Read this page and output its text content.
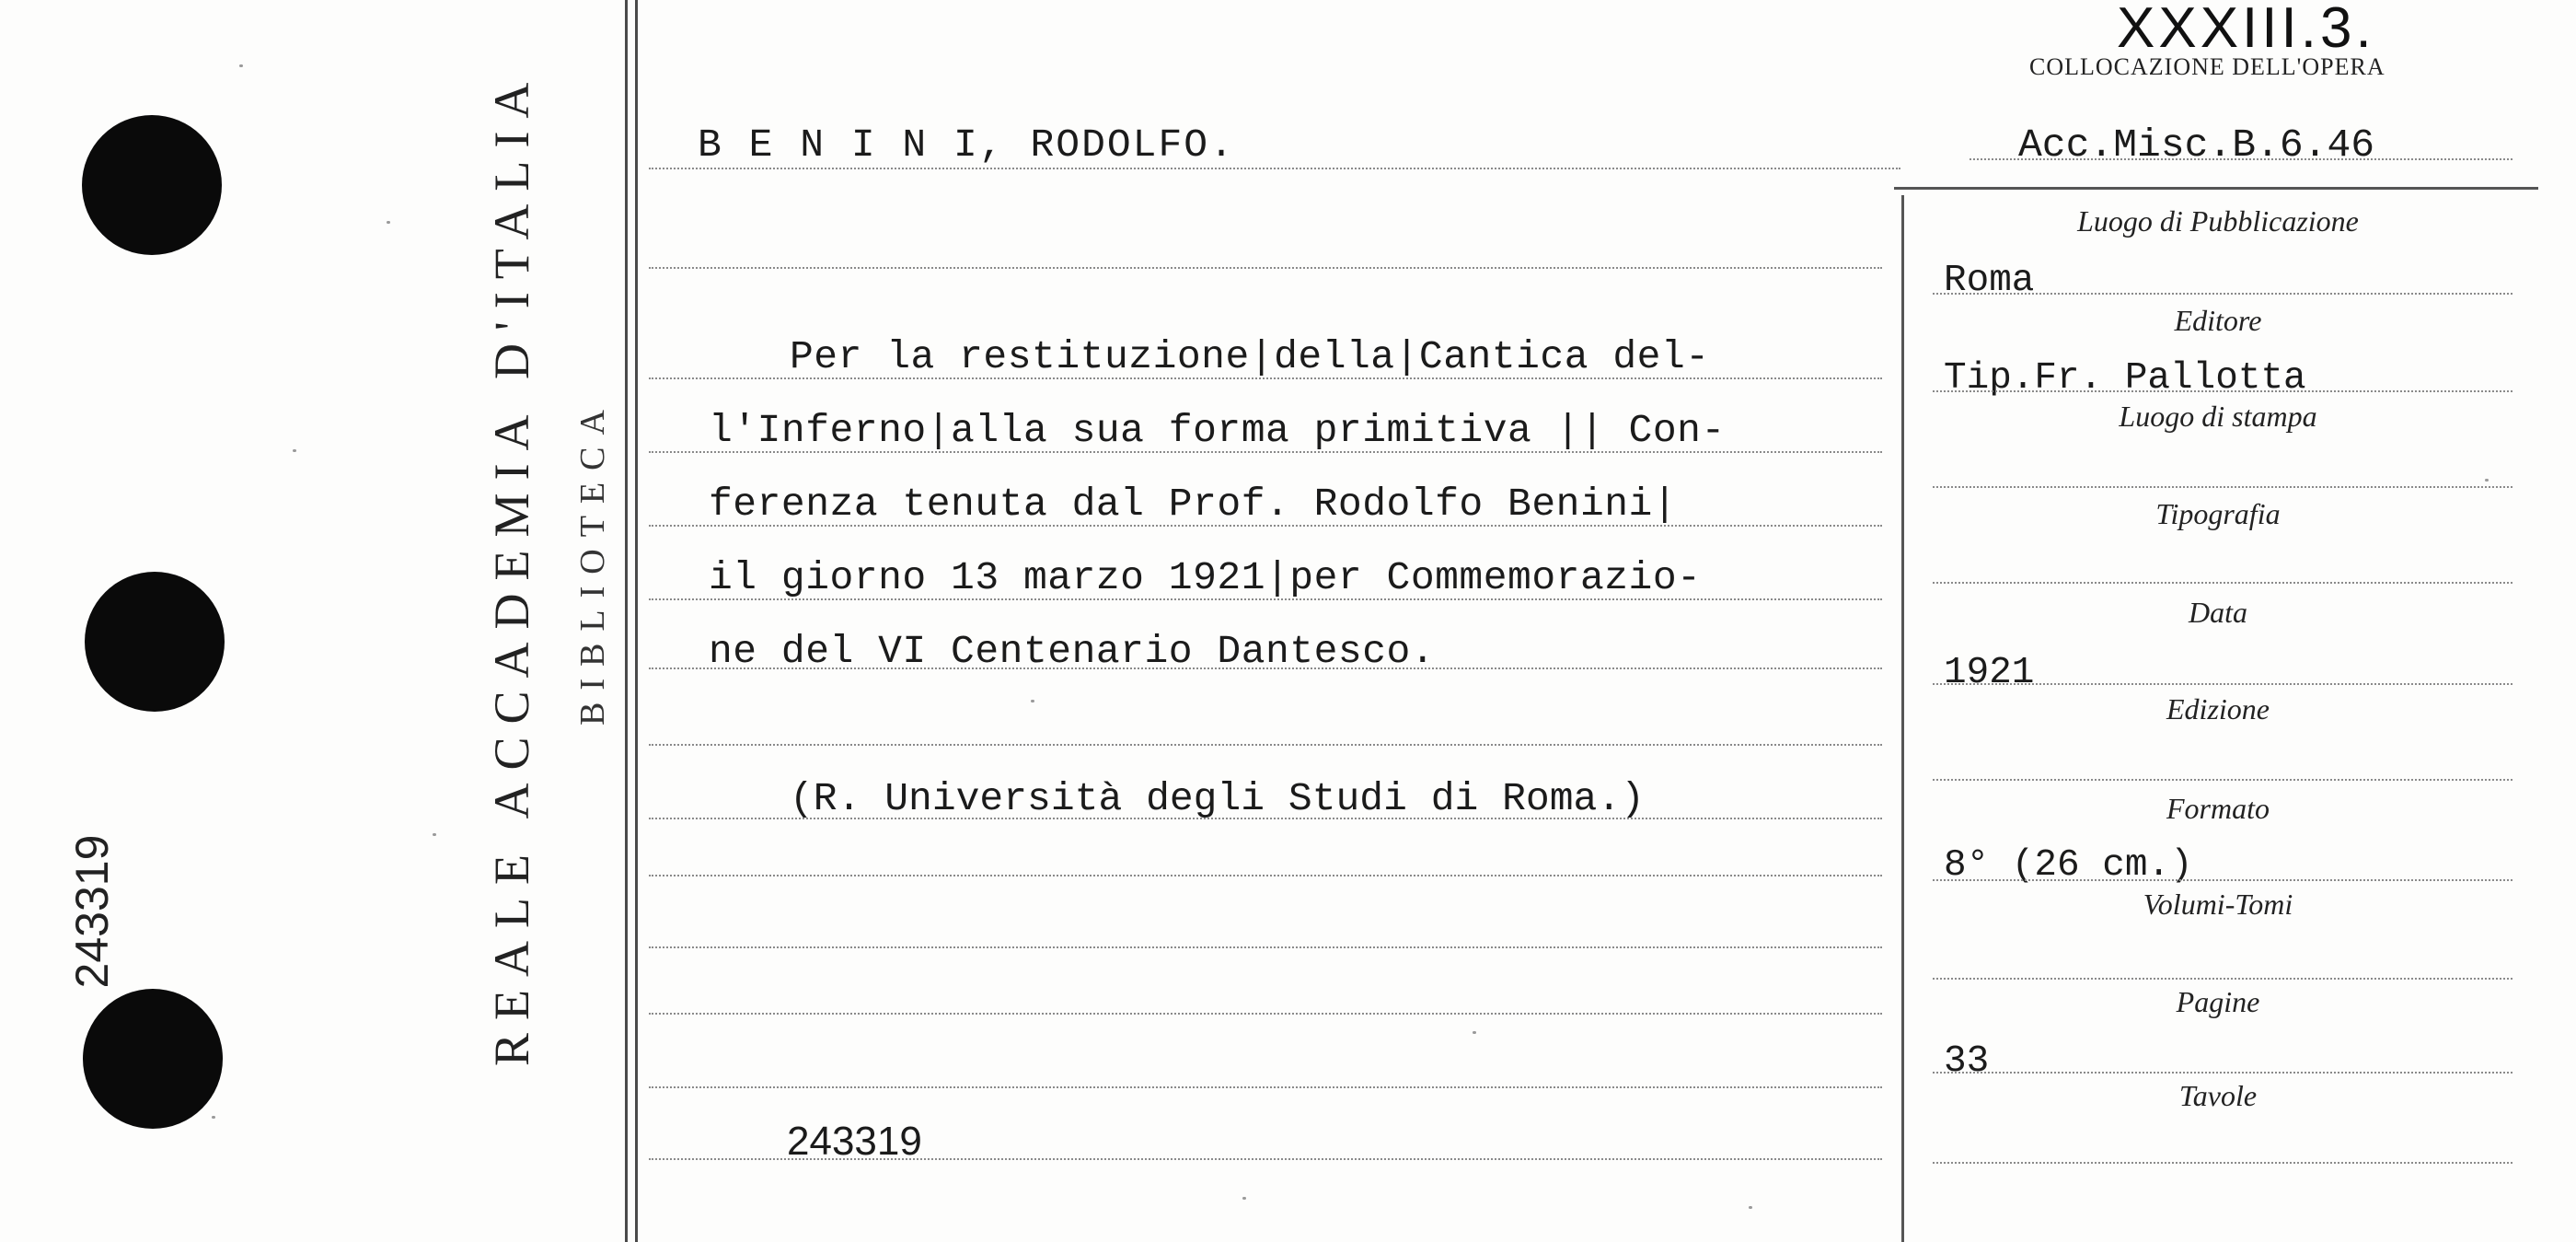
243319	REALE ACCADEMIA D'ITALIA BIBLIOTECA
XXXIII.3.
COLLOCAZIONE DELL'OPERA
B E N I N I, RODOLFO.	Acc.Misc.B.6.46
Per la restituzione|della|Cantica del-
l'Inferno|alla sua forma primitiva || Con-
ferenza tenuta dal Prof. Rodolfo Benini|
il giorno 13 marzo 1921|per Commemorazio-
ne del VI Centenario Dantesco.
(R. Università degli Studi di Roma.)
243319
Luogo di Pubblicazione
Roma
Editore
Tip.Fr. Pallotta
Luogo di stampa
Tipografia
Data
1921
Edizione
Formato
8° (26 cm.)
Volumi-Tomi
Pagine
33
Tavole
